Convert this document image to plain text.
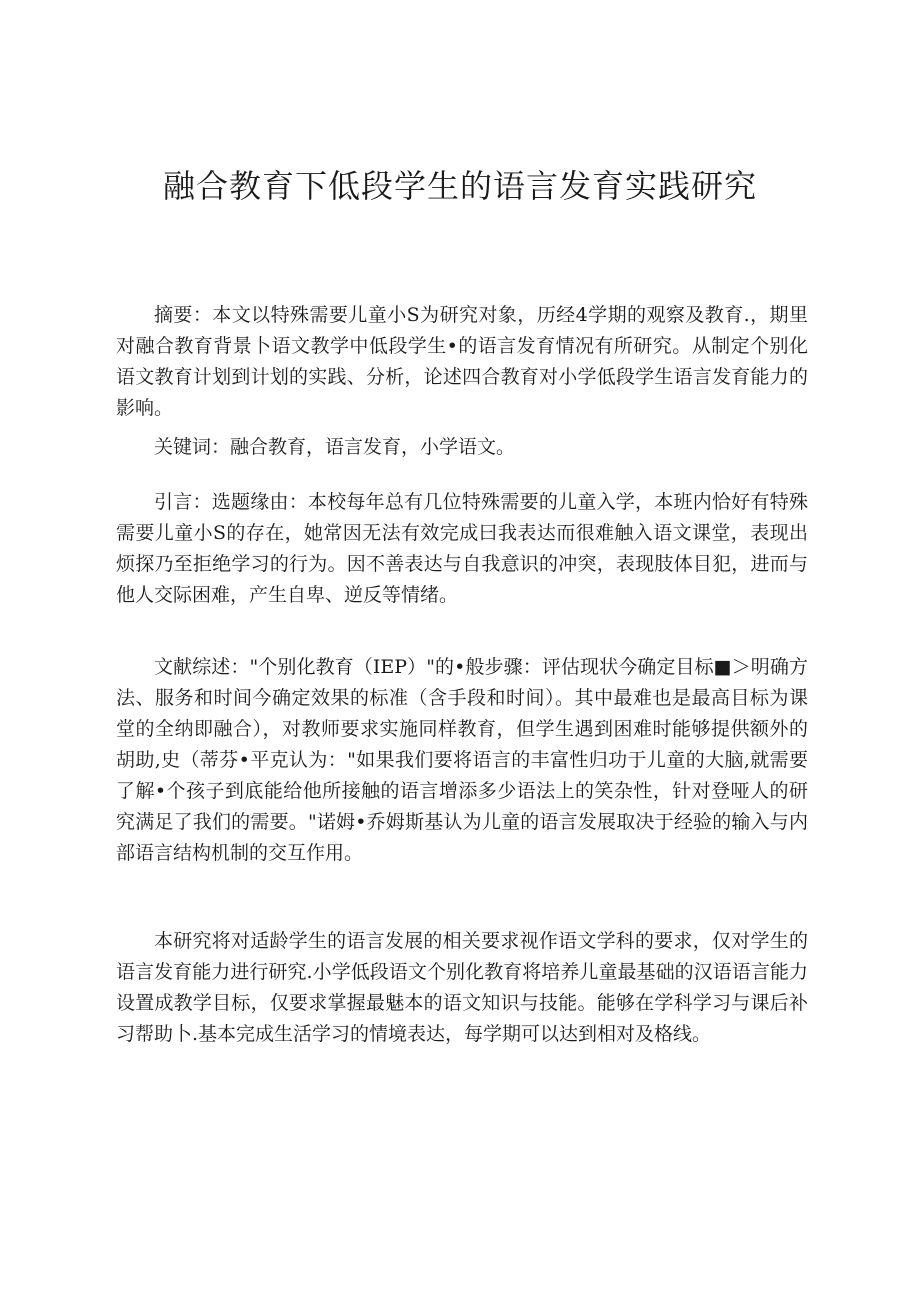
融合教育下低段学生的语言发育实践研究

摘要：本文以特殊需要儿童小S为研究对象，历经4学期的观察及教育.，期里对融合教育背景卜语文教学中低段学生•的语言发育情况有所研究。从制定个别化语文教育计划到计划的实践、分析，论述四合教育对小学低段学生语言发育能力的影响。

关键词：融合教育，语言发育，小学语文。

引言：选题缘由：本校每年总有几位特殊需要的儿童入学，本班内恰好有特殊需要儿童小S的存在，她常因无法有效完成曰我表达而很难触入语文课堂，表现出烦探乃至拒绝学习的行为。因不善表达与自我意识的冲突，表现肢体目犯，进而与他人交际困难，产生自卑、逆反等情绪。

文献综述："个别化教育（IEP）"的•般步骤：评估现状今确定目标■＞明确方法、服务和时间今确定效果的标准（含手段和时间）。其中最难也是最高目标为课堂的全纳即融合），对教师要求实施同样教育，但学生遇到困难时能够提供额外的胡助,史（蒂芬•平克认为："如果我们要将语言的丰富性归功于儿童的大脑,就需要了解•个孩子到底能给他所接触的语言增添多少语法上的笑杂性，针对登哑人的研究满足了我们的需要。"诺姆•乔姆斯基认为儿童的语言发展取决于经验的输入与内部语言结构机制的交互作用。

本研究将对适龄学生的语言发展的相关要求视作语文学科的要求，仅对学生的语言发育能力进行研究.小学低段语文个别化教育将培养儿童最基础的汉语语言能力设置成教学目标，仅要求掌握最魅本的语文知识与技能。能够在学科学习与课后补习帮助卜.基本完成生活学习的情境表达，每学期可以达到相对及格线。
